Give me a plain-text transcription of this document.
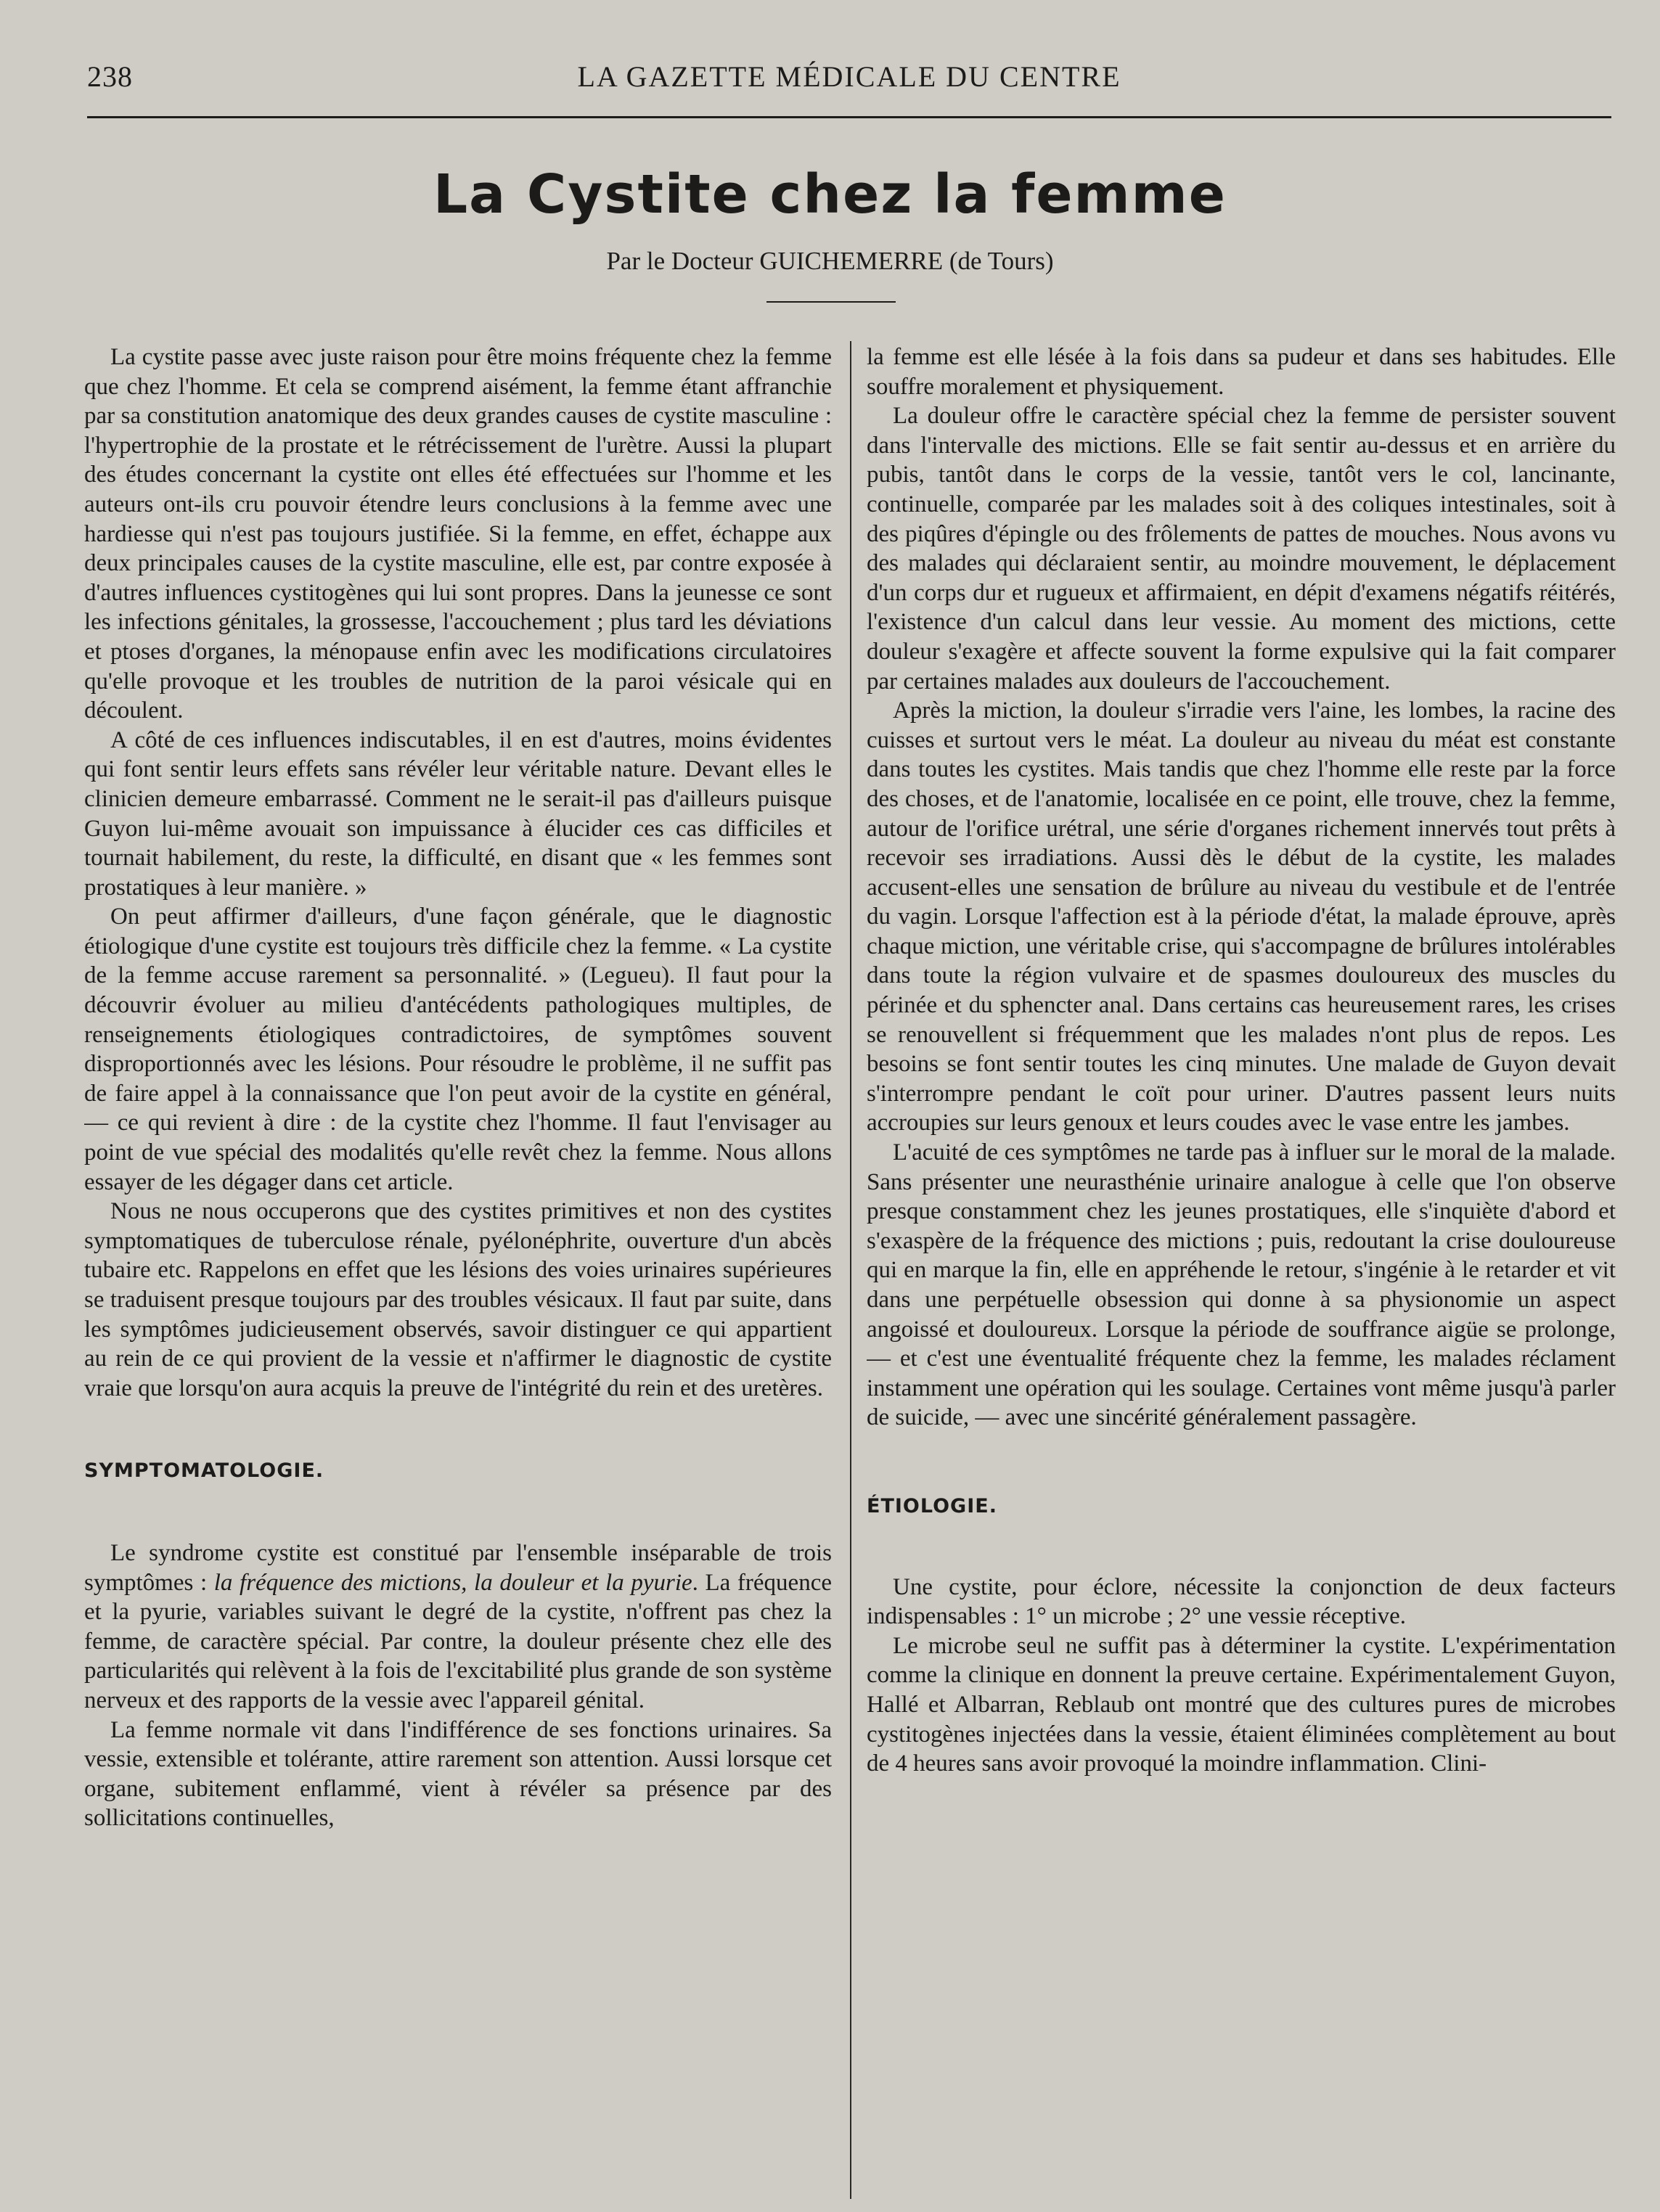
238	LA GAZETTE MÉDICALE DU CENTRE
La Cystite chez la femme
Par le Docteur GUICHEMERRE (de Tours)

La cystite passe avec juste raison pour être moins fréquente chez la femme que chez l'homme. Et cela se comprend aisément, la femme étant affranchie par sa constitution anatomique des deux grandes causes de cystite masculine : l'hypertrophie de la prostate et le rétrécissement de l'urètre. Aussi la plupart des études concernant la cystite ont elles été effectuées sur l'homme et les auteurs ont-ils cru pouvoir étendre leurs conclusions à la femme avec une hardiesse qui n'est pas toujours justifiée. Si la femme, en effet, échappe aux deux principales causes de la cystite masculine, elle est, par contre exposée à d'autres influences cystitogènes qui lui sont propres. Dans la jeunesse ce sont les infections génitales, la grossesse, l'accouchement ; plus tard les déviations et ptoses d'organes, la ménopause enfin avec les modifications circulatoires qu'elle provoque et les troubles de nutrition de la paroi vésicale qui en découlent.

A côté de ces influences indiscutables, il en est d'autres, moins évidentes qui font sentir leurs effets sans révéler leur véritable nature. Devant elles le clinicien demeure embarrassé. Comment ne le serait-il pas d'ailleurs puisque Guyon lui-même avouait son impuissance à élucider ces cas difficiles et tournait habilement, du reste, la difficulté, en disant que « les femmes sont prostatiques à leur manière. »

On peut affirmer d'ailleurs, d'une façon générale, que le diagnostic étiologique d'une cystite est toujours très difficile chez la femme. « La cystite de la femme accuse rarement sa personnalité. » (Legueu). Il faut pour la découvrir évoluer au milieu d'antécédents pathologiques multiples, de renseignements étiologiques contradictoires, de symptômes souvent disproportionnés avec les lésions. Pour résoudre le problème, il ne suffit pas de faire appel à la connaissance que l'on peut avoir de la cystite en général, — ce qui revient à dire : de la cystite chez l'homme. Il faut l'envisager au point de vue spécial des modalités qu'elle revêt chez la femme. Nous allons essayer de les dégager dans cet article.

Nous ne nous occuperons que des cystites primitives et non des cystites symptomatiques de tuberculose rénale, pyélonéphrite, ouverture d'un abcès tubaire etc. Rappelons en effet que les lésions des voies urinaires supérieures se traduisent presque toujours par des troubles vésicaux. Il faut par suite, dans les symptômes judicieusement observés, savoir distinguer ce qui appartient au rein de ce qui provient de la vessie et n'affirmer le diagnostic de cystite vraie que lorsqu'on aura acquis la preuve de l'intégrité du rein et des uretères.

SYMPTOMATOLOGIE.

Le syndrome cystite est constitué par l'ensemble inséparable de trois symptômes : la fréquence des mictions, la douleur et la pyurie. La fréquence et la pyurie, variables suivant le degré de la cystite, n'offrent pas chez la femme, de caractère spécial. Par contre, la douleur présente chez elle des particularités qui relèvent à la fois de l'excitabilité plus grande de son système nerveux et des rapports de la vessie avec l'appareil génital.

La femme normale vit dans l'indifférence de ses fonctions urinaires. Sa vessie, extensible et tolérante, attire rarement son attention. Aussi lorsque cet organe, subitement enflammé, vient à révéler sa présence par des sollicitations continuelles,

la femme est elle lésée à la fois dans sa pudeur et dans ses habitudes. Elle souffre moralement et physiquement.

La douleur offre le caractère spécial chez la femme de persister souvent dans l'intervalle des mictions. Elle se fait sentir au-dessus et en arrière du pubis, tantôt dans le corps de la vessie, tantôt vers le col, lancinante, continuelle, comparée par les malades soit à des coliques intestinales, soit à des piqûres d'épingle ou des frôlements de pattes de mouches. Nous avons vu des malades qui déclaraient sentir, au moindre mouvement, le déplacement d'un corps dur et rugueux et affirmaient, en dépit d'examens négatifs réitérés, l'existence d'un calcul dans leur vessie. Au moment des mictions, cette douleur s'exagère et affecte souvent la forme expulsive qui la fait comparer par certaines malades aux douleurs de l'accouchement.

Après la miction, la douleur s'irradie vers l'aine, les lombes, la racine des cuisses et surtout vers le méat. La douleur au niveau du méat est constante dans toutes les cystites. Mais tandis que chez l'homme elle reste par la force des choses, et de l'anatomie, localisée en ce point, elle trouve, chez la femme, autour de l'orifice urétral, une série d'organes richement innervés tout prêts à recevoir ses irradiations. Aussi dès le début de la cystite, les malades accusent-elles une sensation de brûlure au niveau du vestibule et de l'entrée du vagin. Lorsque l'affection est à la période d'état, la malade éprouve, après chaque miction, une véritable crise, qui s'accompagne de brûlures intolérables dans toute la région vulvaire et de spasmes douloureux des muscles du périnée et du sphencter anal. Dans certains cas heureusement rares, les crises se renouvellent si fréquemment que les malades n'ont plus de repos. Les besoins se font sentir toutes les cinq minutes. Une malade de Guyon devait s'interrompre pendant le coït pour uriner. D'autres passent leurs nuits accroupies sur leurs genoux et leurs coudes avec le vase entre les jambes.

L'acuité de ces symptômes ne tarde pas à influer sur le moral de la malade. Sans présenter une neurasthénie urinaire analogue à celle que l'on observe presque constamment chez les jeunes prostatiques, elle s'inquiète d'abord et s'exaspère de la fréquence des mictions ; puis, redoutant la crise douloureuse qui en marque la fin, elle en appréhende le retour, s'ingénie à le retarder et vit dans une perpétuelle obsession qui donne à sa physionomie un aspect angoissé et douloureux. Lorsque la période de souffrance aigüe se prolonge, — et c'est une éventualité fréquente chez la femme, les malades réclament instamment une opération qui les soulage. Certaines vont même jusqu'à parler de suicide, — avec une sincérité généralement passagère.

ÉTIOLOGIE.

Une cystite, pour éclore, nécessite la conjonction de deux facteurs indispensables : 1° un microbe ; 2° une vessie réceptive.

Le microbe seul ne suffit pas à déterminer la cystite. L'expérimentation comme la clinique en donnent la preuve certaine. Expérimentalement Guyon, Hallé et Albarran, Reblaub ont montré que des cultures pures de microbes cystitogènes injectées dans la vessie, étaient éliminées complètement au bout de 4 heures sans avoir provoqué la moindre inflammation. Clini-
